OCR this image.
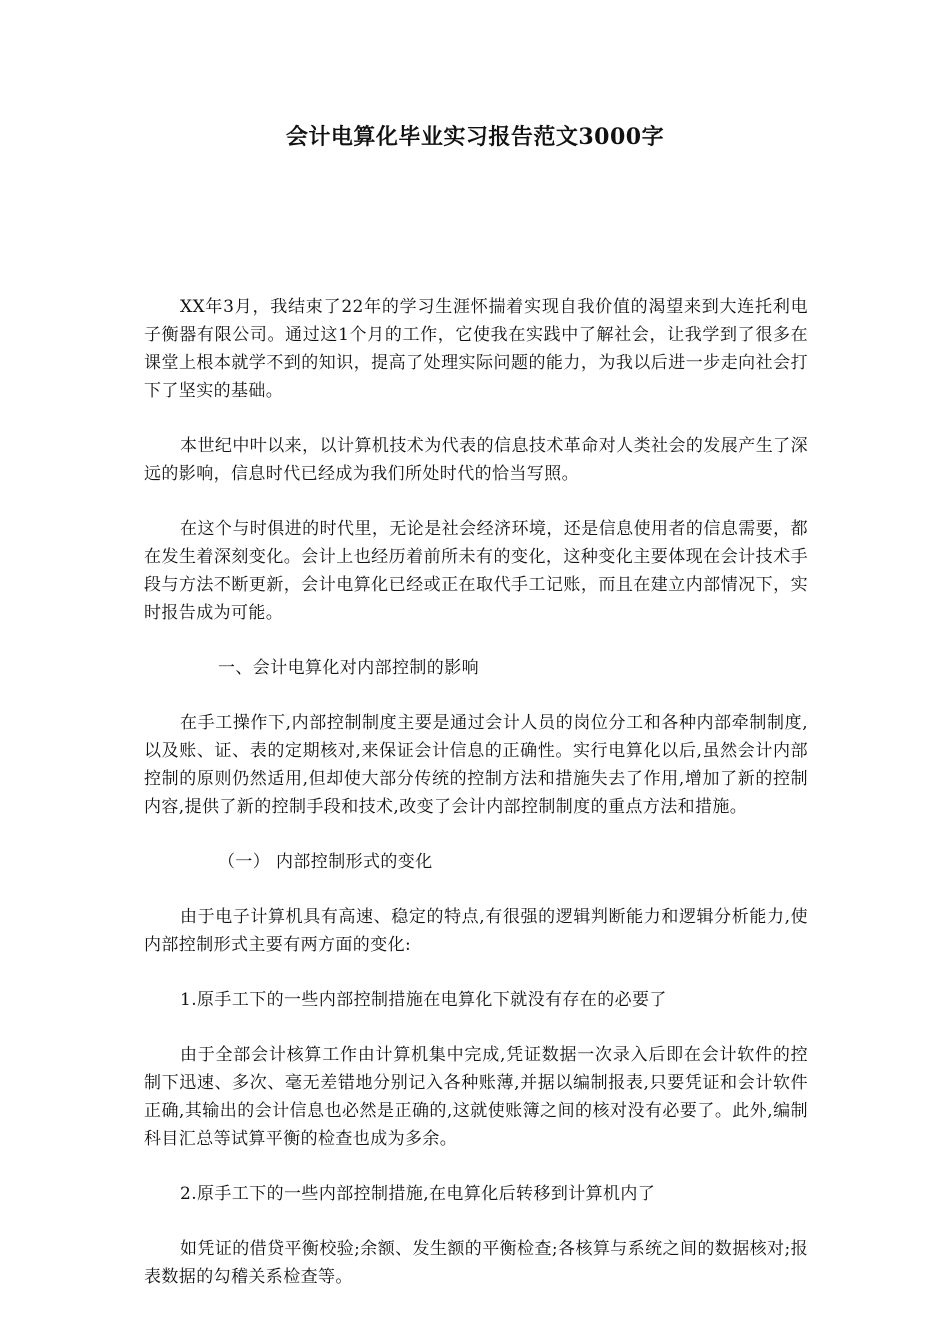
会计电算化毕业实习报告范文3000字

XX年3月，我结束了22年的学习生涯怀揣着实现自我价值的渴望来到大连托利电子衡器有限公司。通过这1个月的工作，它使我在实践中了解社会，让我学到了很多在课堂上根本就学不到的知识，提高了处理实际问题的能力，为我以后进一步走向社会打下了坚实的基础。

本世纪中叶以来，以计算机技术为代表的信息技术革命对人类社会的发展产生了深远的影响，信息时代已经成为我们所处时代的恰当写照。

在这个与时俱进的时代里，无论是社会经济环境，还是信息使用者的信息需要，都在发生着深刻变化。会计上也经历着前所未有的变化，这种变化主要体现在会计技术手段与方法不断更新，会计电算化已经或正在取代手工记账，而且在建立内部情况下，实时报告成为可能。

一、会计电算化对内部控制的影响

在手工操作下,内部控制制度主要是通过会计人员的岗位分工和各种内部牵制制度,以及账、证、表的定期核对,来保证会计信息的正确性。实行电算化以后,虽然会计内部控制的原则仍然适用,但却使大部分传统的控制方法和措施失去了作用,增加了新的控制内容,提供了新的控制手段和技术,改变了会计内部控制制度的重点方法和措施。

（一） 内部控制形式的变化

由于电子计算机具有高速、稳定的特点,有很强的逻辑判断能力和逻辑分析能力,使内部控制形式主要有两方面的变化:

1.原手工下的一些内部控制措施在电算化下就没有存在的必要了

由于全部会计核算工作由计算机集中完成,凭证数据一次录入后即在会计软件的控制下迅速、多次、毫无差错地分别记入各种账薄,并据以编制报表,只要凭证和会计软件正确,其输出的会计信息也必然是正确的,这就使账簿之间的核对没有必要了。此外,编制科目汇总等试算平衡的检查也成为多余。

2.原手工下的一些内部控制措施,在电算化后转移到计算机内了

如凭证的借贷平衡校验;余额、发生额的平衡检查;各核算与系统之间的数据核对;报表数据的勾稽关系检查等。
